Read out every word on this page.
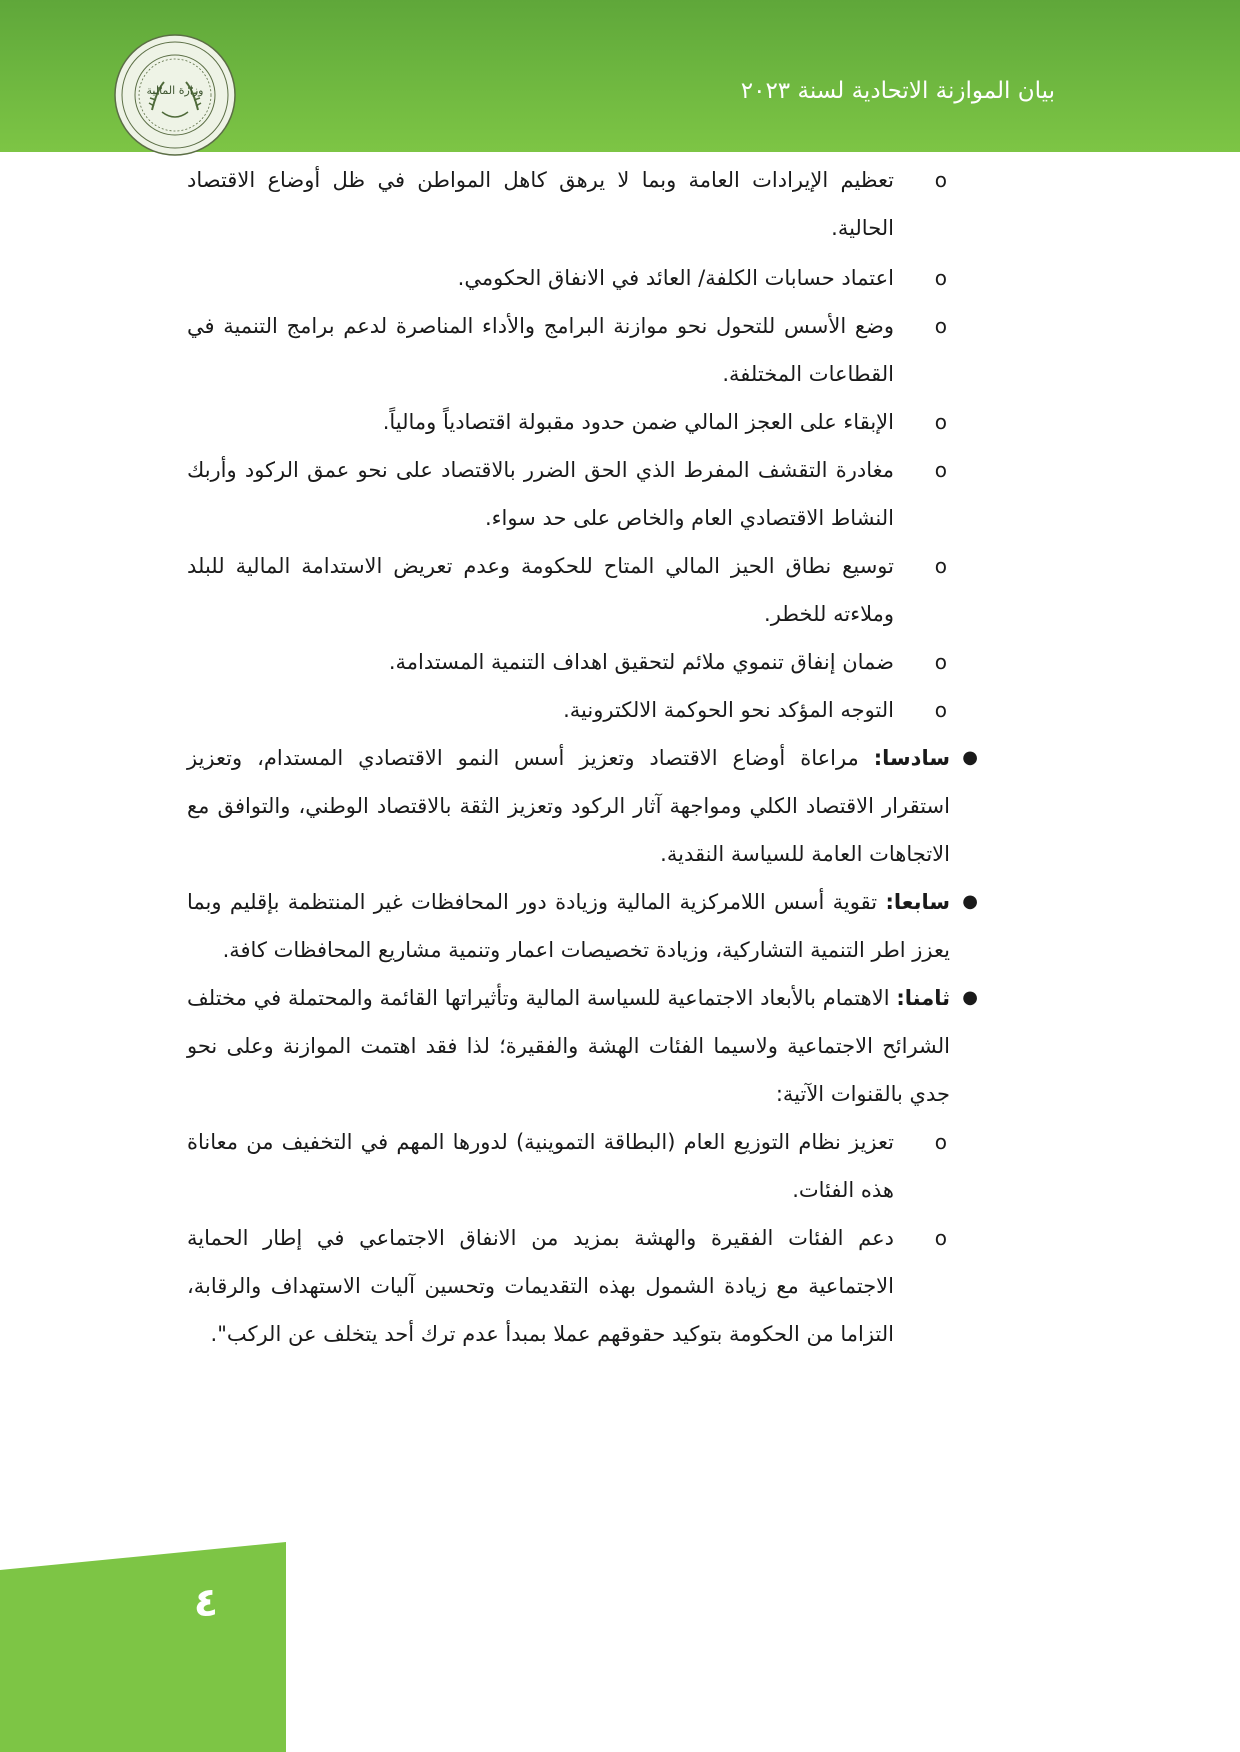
وزارة المالية	بيان الموازنة الاتحادية لسنة ٢٠٢٣
o
تعظيم الإيرادات العامة وبما لا يرهق كاهل المواطن في ظل أوضاع الاقتصاد الحالية.
o
اعتماد حسابات الكلفة/ العائد في الانفاق الحكومي.
o
وضع الأسس للتحول نحو موازنة البرامج والأداء المناصرة لدعم برامج التنمية في القطاعات المختلفة.
o
الإبقاء على العجز المالي ضمن حدود مقبولة اقتصادياً ومالياً.
o
مغادرة التقشف المفرط الذي الحق الضرر بالاقتصاد على نحو عمق الركود وأربك النشاط الاقتصادي العام والخاص على حد سواء.
o
توسيع نطاق الحيز المالي المتاح للحكومة وعدم تعريض الاستدامة المالية للبلد وملاءته للخطر.
o
ضمان إنفاق تنموي ملائم لتحقيق اهداف التنمية المستدامة.
o
التوجه المؤكد نحو الحوكمة الالكترونية.
●
سادسا: مراعاة أوضاع الاقتصاد وتعزيز أسس النمو الاقتصادي المستدام، وتعزيز استقرار الاقتصاد الكلي ومواجهة آثار الركود وتعزيز الثقة بالاقتصاد الوطني، والتوافق مع الاتجاهات العامة للسياسة النقدية.
●
سابعا: تقوية أسس اللامركزية المالية وزيادة دور المحافظات غير المنتظمة بإقليم وبما يعزز اطر التنمية التشاركية، وزيادة تخصيصات اعمار وتنمية مشاريع المحافظات كافة.
●
ثامنا: الاهتمام بالأبعاد الاجتماعية للسياسة المالية وتأثيراتها القائمة والمحتملة في مختلف الشرائح الاجتماعية ولاسيما الفئات الهشة والفقيرة؛ لذا فقد اهتمت الموازنة وعلى نحو جدي بالقنوات الآتية:
o
تعزيز نظام التوزيع العام (البطاقة التموينية) لدورها المهم في التخفيف من معاناة هذه الفئات.
o
دعم الفئات الفقيرة والهشة بمزيد من الانفاق الاجتماعي في إطار الحماية الاجتماعية مع زيادة الشمول بهذه التقديمات وتحسين آليات الاستهداف والرقابة، التزاما من الحكومة بتوكيد حقوقهم عملا بمبدأ عدم ترك أحد يتخلف عن الركب".
٤
